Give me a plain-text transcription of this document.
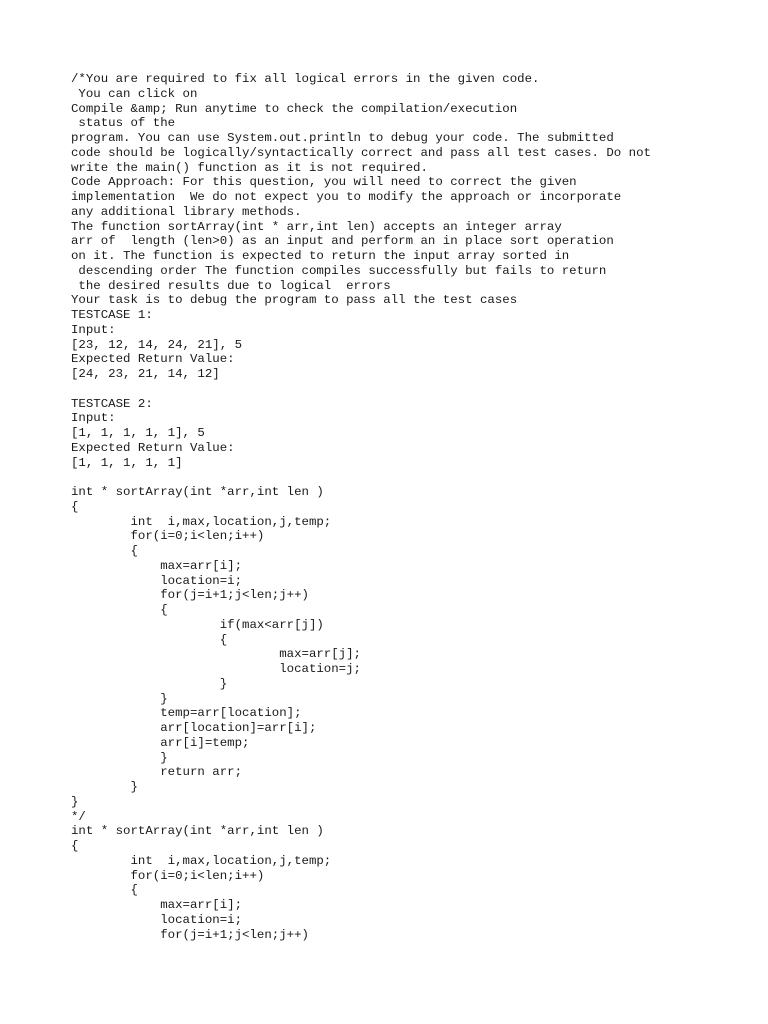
/*You are required to fix all logical errors in the given code.
You can click on
Compile &amp; Run anytime to check the compilation/execution
status of the
program. You can use System.out.println to debug your code. The submitted
code should be logically/syntactically correct and pass all test cases. Do not
write the main() function as it is not required.
Code Approach: For this question, you will need to correct the given
implementation  We do not expect you to modify the approach or incorporate
any additional library methods.
The function sortArray(int * arr,int len) accepts an integer array
arr of  length (len>0) as an input and perform an in place sort operation
on it. The function is expected to return the input array sorted in
descending order The function compiles successfully but fails to return
the desired results due to logical  errors
Your task is to debug the program to pass all the test cases
TESTCASE 1:
Input:
[23, 12, 14, 24, 21], 5
Expected Return Value:
[24, 23, 21, 14, 12]
TESTCASE 2:
Input:
[1, 1, 1, 1, 1], 5
Expected Return Value:
[1, 1, 1, 1, 1]
int * sortArray(int *arr,int len )
{
int  i,max,location,j,temp;
for(i=0;i<len;i++)
{
max=arr[i];
location=i;
for(j=i+1;j<len;j++)
{
if(max<arr[j])
{
max=arr[j];
location=j;
}
}
temp=arr[location];
arr[location]=arr[i];
arr[i]=temp;
}
return arr;
}
}
*/
int * sortArray(int *arr,int len )
{
int  i,max,location,j,temp;
for(i=0;i<len;i++)
{
max=arr[i];
location=i;
for(j=i+1;j<len;j++)
